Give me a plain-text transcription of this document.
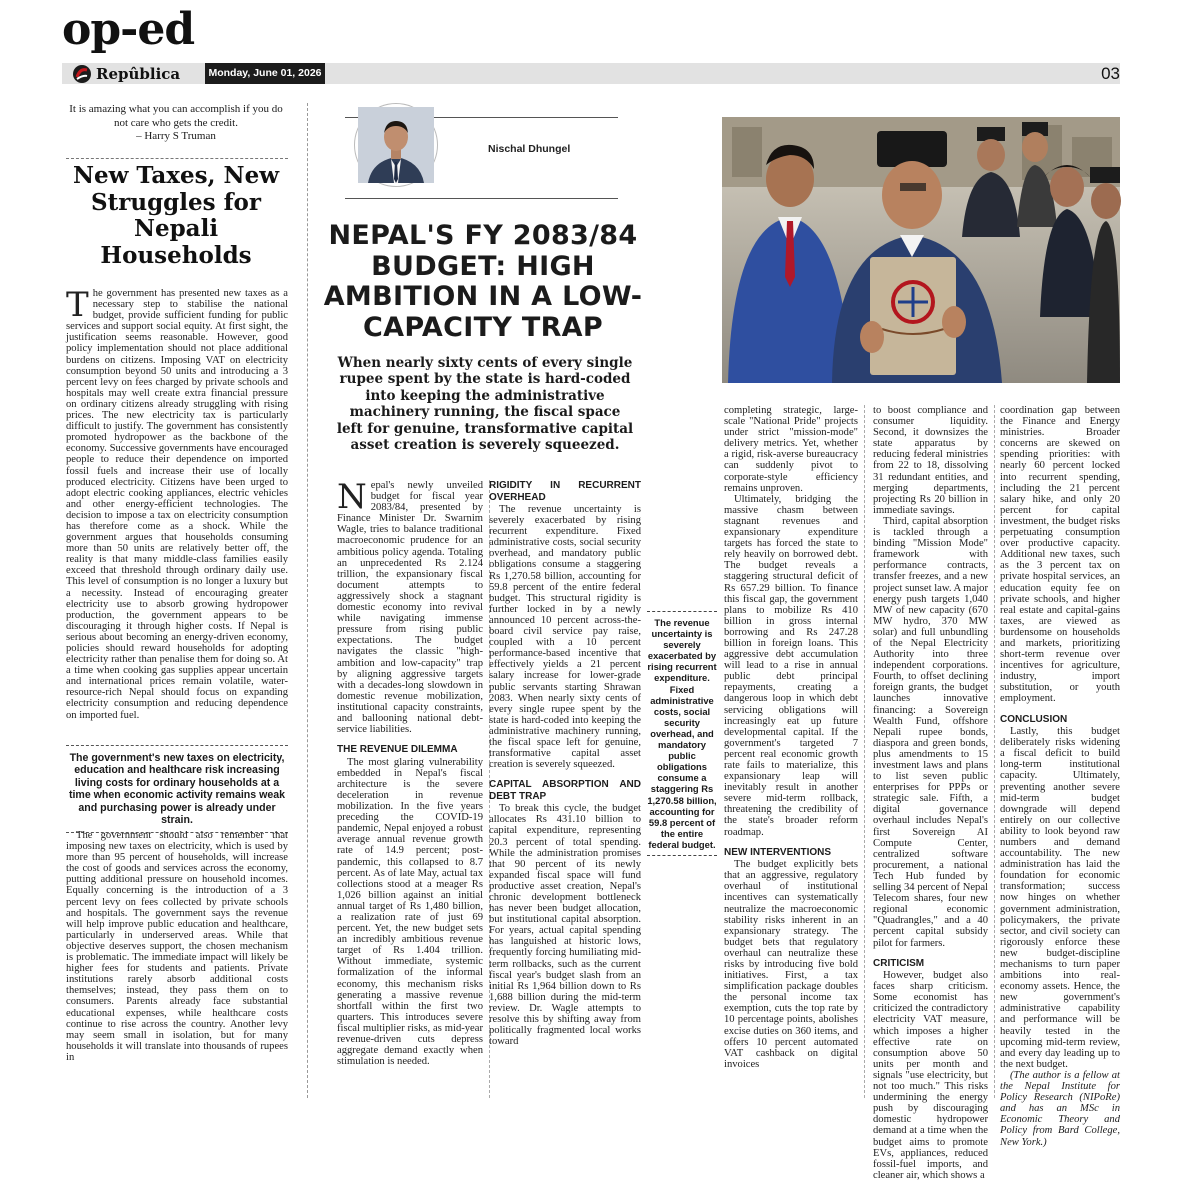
op-ed
Repûblica	Monday, June 01, 2026	03
It is amazing what you can accomplish if you do not care who gets the credit.
– Harry S Truman
New Taxes, New Struggles for Nepali Households
The government has presented new taxes as a necessary step to stabilise the national budget, provide sufficient funding for public services and support social equity. At first sight, the justification seems reasonable. However, good policy implementation should not place additional burdens on citizens. Imposing VAT on electricity consumption beyond 50 units and introducing a 3 percent levy on fees charged by private schools and hospitals may well create extra financial pressure on ordinary citizens already struggling with rising prices. The new electricity tax is particularly difficult to justify. The government has consistently promoted hydropower as the backbone of the economy. Successive governments have encouraged people to reduce their dependence on imported fossil fuels and increase their use of locally produced electricity. Citizens have been urged to adopt electric cooking appliances, electric vehicles and other energy-efficient technologies. The decision to impose a tax on electricity consumption has therefore come as a shock. While the government argues that households consuming more than 50 units are relatively better off, the reality is that many middle-class families easily exceed that threshold through ordinary daily use. This level of consumption is no longer a luxury but a necessity. Instead of encouraging greater electricity use to absorb growing hydropower production, the government appears to be discouraging it through higher costs. If Nepal is serious about becoming an energy-driven economy, policies should reward households for adopting electricity rather than penalise them for doing so. At a time when cooking gas supplies appear uncertain and international prices remain volatile, water-resource-rich Nepal should focus on expanding electricity consumption and reducing dependence on imported fuel.
The government's new taxes on electricity, education and healthcare risk increasing living costs for ordinary households at a time when economic activity remains weak and purchasing power is already under strain.

The government should also remember that imposing new taxes on electricity, which is used by more than 95 percent of households, will increase the cost of goods and services across the economy, putting additional pressure on household incomes. Equally concerning is the introduction of a 3 percent levy on fees collected by private schools and hospitals. The government says the revenue will help improve public education and healthcare, particularly in underserved areas. While that objective deserves support, the chosen mechanism is problematic. The immediate impact will likely be higher fees for students and patients. Private institutions rarely absorb additional costs themselves; instead, they pass them on to consumers. Parents already face substantial educational expenses, while healthcare costs continue to rise across the country. Another levy may seem small in isolation, but for many households it will translate into thousands of rupees in

Nischal Dhungel
NEPAL'S FY 2083/84 BUDGET: HIGH AMBITION IN A LOW-CAPACITY TRAP
When nearly sixty cents of every single rupee spent by the state is hard-coded into keeping the administrative machinery running, the fiscal space left for genuine, transformative capital asset creation is severely squeezed.
Nepal's newly unveiled budget for fiscal year 2083/84, presented by Finance Minister Dr. Swarnim Wagle, tries to balance traditional macroeconomic prudence for an ambitious policy agenda. Totaling an unprecedented Rs 2.124 trillion, the expansionary fiscal document attempts to aggressively shock a stagnant domestic economy into revival while navigating immense pressure from rising public expectations. The budget navigates the classic "high-ambition and low-capacity" trap by aligning aggressive targets with a decades-long slowdown in domestic revenue mobilization, institutional capacity constraints, and ballooning national debt-service liabilities.
THE REVENUE DILEMMA

The most glaring vulnerability embedded in Nepal's fiscal architecture is the severe deceleration in revenue mobilization. In the five years preceding the COVID-19 pandemic, Nepal enjoyed a robust average annual revenue growth rate of 14.9 percent; post-pandemic, this collapsed to 8.7 percent. As of late May, actual tax collections stood at a meager Rs 1,026 billion against an initial annual target of Rs 1,480 billion, a realization rate of just 69 percent. Yet, the new budget sets an incredibly ambitious revenue target of Rs 1.404 trillion. Without immediate, systemic formalization of the informal economy, this mechanism risks generating a massive revenue shortfall within the first two quarters. This introduces severe fiscal multiplier risks, as mid-year revenue-driven cuts depress aggregate demand exactly when stimulation is needed.

RIGIDITY IN RECURRENT OVERHEAD

The revenue uncertainty is severely exacerbated by rising recurrent expenditure. Fixed administrative costs, social security overhead, and mandatory public obligations consume a staggering Rs 1,270.58 billion, accounting for 59.8 percent of the entire federal budget. This structural rigidity is further locked in by a newly announced 10 percent across-the-board civil service pay raise, coupled with a 10 percent performance-based incentive that effectively yields a 21 percent salary increase for lower-grade public servants starting Shrawan 2083. When nearly sixty cents of every single rupee spent by the state is hard-coded into keeping the administrative machinery running, the fiscal space left for genuine, transformative capital asset creation is severely squeezed.

CAPITAL ABSORPTION AND DEBT TRAP

To break this cycle, the budget allocates Rs 431.10 billion to capital expenditure, representing 20.3 percent of total spending. While the administration promises that 90 percent of its newly expanded fiscal space will fund productive asset creation, Nepal's chronic development bottleneck has never been budget allocation, but institutional capital absorption. For years, actual capital spending has languished at historic lows, frequently forcing humiliating mid-term rollbacks, such as the current fiscal year's budget slash from an initial Rs 1,964 billion down to Rs 1,688 billion during the mid-term review. Dr. Wagle attempts to resolve this by shifting away from politically fragmented local works toward

The revenue uncertainty is severely exacerbated by rising recurrent expenditure. Fixed administrative costs, social security overhead, and mandatory public obligations consume a staggering Rs 1,270.58 billion, accounting for 59.8 percent of the entire federal budget.

completing strategic, large-scale "National Pride" projects under strict "mission-mode" delivery metrics. Yet, whether a rigid, risk-averse bureaucracy can suddenly pivot to corporate-style efficiency remains unproven.

Ultimately, bridging the massive chasm between stagnant revenues and expansionary expenditure targets has forced the state to rely heavily on borrowed debt. The budget reveals a staggering structural deficit of Rs 657.29 billion. To finance this fiscal gap, the government plans to mobilize Rs 410 billion in gross internal borrowing and Rs 247.28 billion in foreign loans. This aggressive debt accumulation will lead to a rise in annual public debt principal repayments, creating a dangerous loop in which debt servicing obligations will increasingly eat up future developmental capital. If the government's targeted 7 percent real economic growth rate fails to materialize, this expansionary leap will inevitably result in another severe mid-term rollback, threatening the credibility of the state's broader reform roadmap.

NEW INTERVENTIONS

The budget explicitly bets that an aggressive, regulatory overhaul of institutional incentives can systematically neutralize the macroeconomic stability risks inherent in an expansionary strategy. The budget bets that regulatory overhaul can neutralize these risks by introducing five bold initiatives. First, a tax simplification package doubles the personal income tax exemption, cuts the top rate by 10 percentage points, abolishes excise duties on 360 items, and offers 10 percent automated VAT cashback on digital invoices

to boost compliance and consumer liquidity. Second, it downsizes the state apparatus by reducing federal ministries from 22 to 18, dissolving 31 redundant entities, and merging departments, projecting Rs 20 billion in immediate savings.

Third, capital absorption is tackled through a binding "Mission Mode" framework with performance contracts, transfer freezes, and a new project sunset law. A major energy push targets 1,040 MW of new capacity (670 MW hydro, 370 MW solar) and full unbundling of the Nepal Electricity Authority into three independent corporations. Fourth, to offset declining foreign grants, the budget launches innovative financing: a Sovereign Wealth Fund, offshore Nepali rupee bonds, diaspora and green bonds, plus amendments to 15 investment laws and plans to list seven public enterprises for PPPs or strategic sale. Fifth, a digital governance overhaul includes Nepal's first Sovereign AI Compute Center, centralized software procurement, a national Tech Hub funded by selling 34 percent of Nepal Telecom shares, four new regional economic "Quadrangles," and a 40 percent capital subsidy pilot for farmers.

CRITICISM

However, budget also faces sharp criticism. Some economist has criticized the contradictory electricity VAT measure, which imposes a higher effective rate on consumption above 50 units per month and signals "use electricity, but not too much." This risks undermining the energy push by discouraging domestic hydropower demand at a time when the budget aims to promote EVs, appliances, reduced fossil-fuel imports, and cleaner air, which shows a

coordination gap between the Finance and Energy ministries. Broader concerns are skewed on spending priorities: with nearly 60 percent locked into recurrent spending, including the 21 percent salary hike, and only 20 percent for capital investment, the budget risks perpetuating consumption over productive capacity. Additional new taxes, such as the 3 percent tax on private hospital services, an education equity fee on private schools, and higher real estate and capital-gains taxes, are viewed as burdensome on households and markets, prioritizing short-term revenue over incentives for agriculture, industry, import substitution, or youth employment.

CONCLUSION

Lastly, this budget deliberately risks widening a fiscal deficit to build long-term institutional capacity. Ultimately, preventing another severe mid-term budget downgrade will depend entirely on our collective ability to look beyond raw numbers and demand accountability. The new administration has laid the foundation for economic transformation; success now hinges on whether government administration, policymakers, the private sector, and civil society can rigorously enforce these new budget-discipline mechanisms to turn paper ambitions into real-economy assets. Hence, the new government's administrative capability and performance will be heavily tested in the upcoming mid-term review, and every day leading up to the next budget.

(The author is a fellow at the Nepal Institute for Policy Research (NIPoRe) and has an MSc in Economic Theory and Policy from Bard College, New York.)
